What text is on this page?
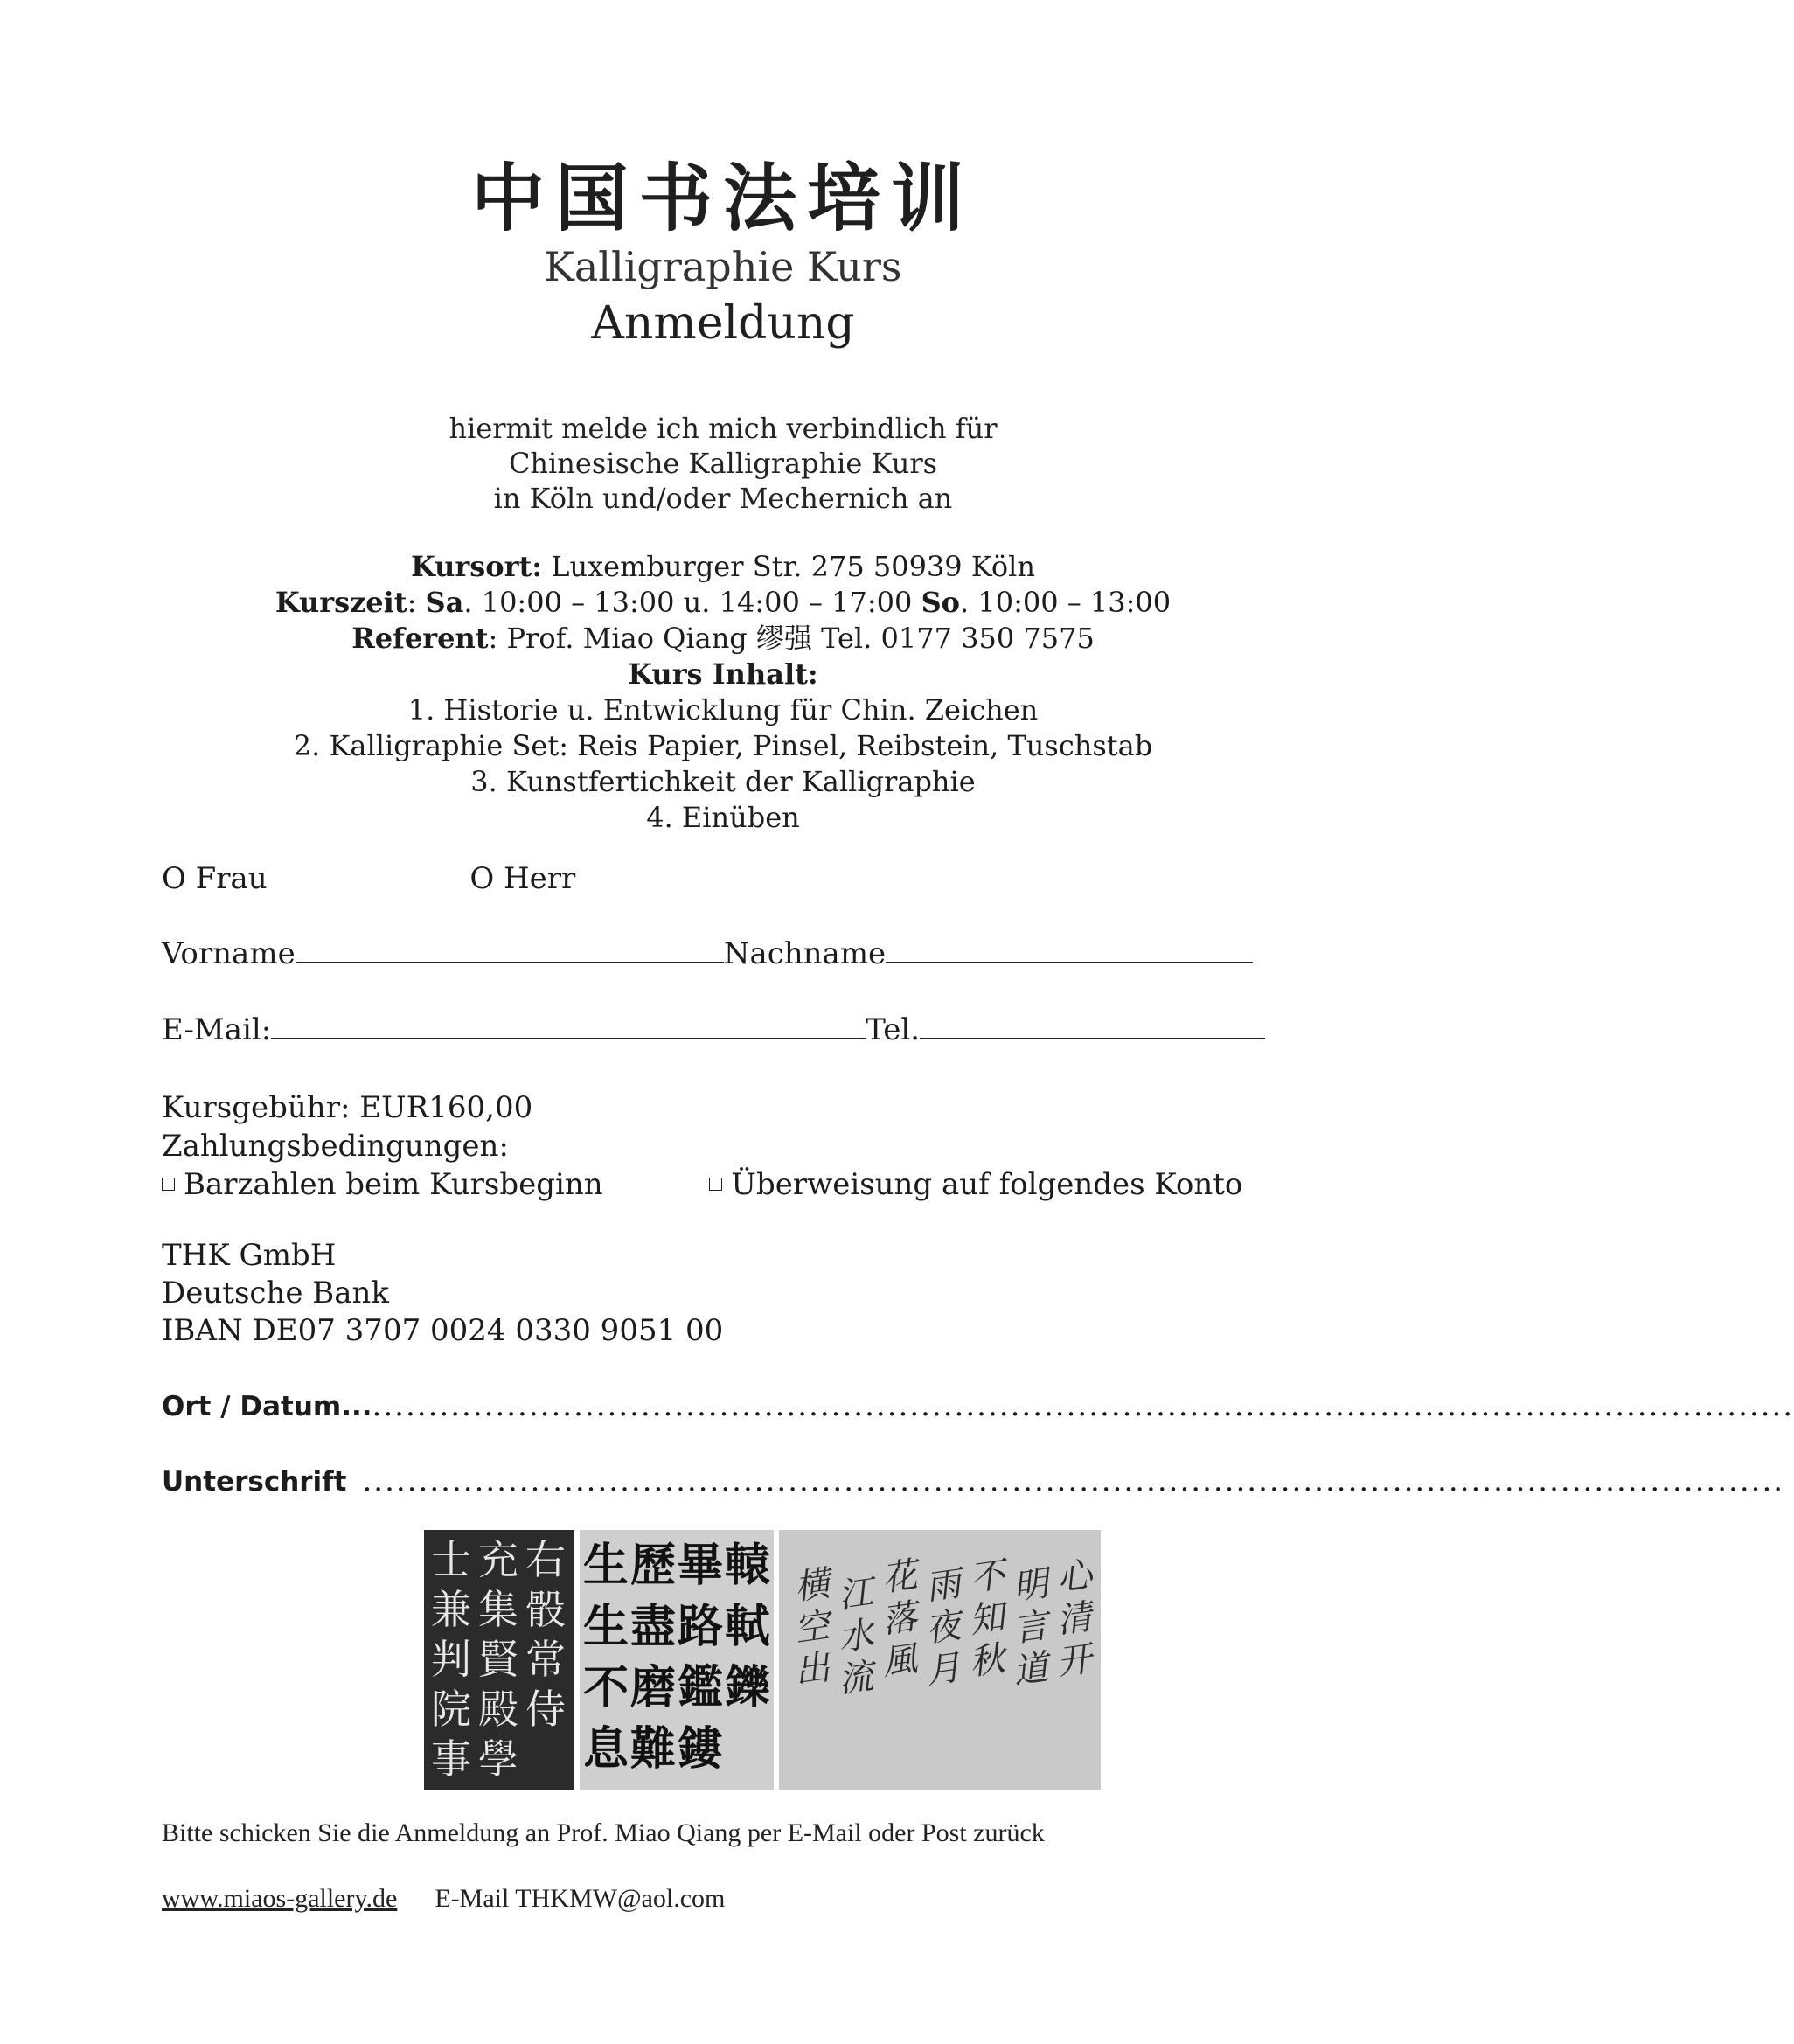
中国书法培训
Kalligraphie Kurs
Anmeldung
hiermit melde ich mich verbindlich für
Chinesische Kalligraphie Kurs
in Köln und/oder Mechernich an
Kursort: Luxemburger Str. 275 50939 Köln
Kurszeit: Sa. 10:00 – 13:00 u. 14:00 – 17:00 So. 10:00 – 13:00
Referent: Prof. Miao Qiang 缪强 Tel. 0177 350 7575
Kurs Inhalt:
1. Historie u. Entwicklung für Chin. Zeichen
2. Kalligraphie Set: Reis Papier, Pinsel, Reibstein, Tuschstab
3. Kunstfertichkeit der Kalligraphie
4. Einüben
O Frau	O Herr
Vorname	Nachname
E-Mail:	Tel.
Kursgebühr: EUR160,00
Zahlungsbedingungen:
Barzahlen beim Kursbeginn	Überweisung auf folgendes Konto
THK GmbH
Deutsche Bank
IBAN DE07 3707 0024 0330 9051 00
Ort / Datum..................................................................................................................................
Unterschrift ...............................................................................................................................
右
骰
常
侍
充
集
賢
殿
學
士
兼
判
院
事
轅
軾
鑠
畢
路
鑑
鏤
歷
盡
磨
難
生
生
不
息
心
清
开
明
言
道
不
知
秋
雨
夜
月
花
落
風
江
水
流
横
空
出
Bitte schicken Sie die Anmeldung an Prof. Miao Qiang per E-Mail oder Post zurück
www.miaos-gallery.de E-Mail THKMW@aol.com
